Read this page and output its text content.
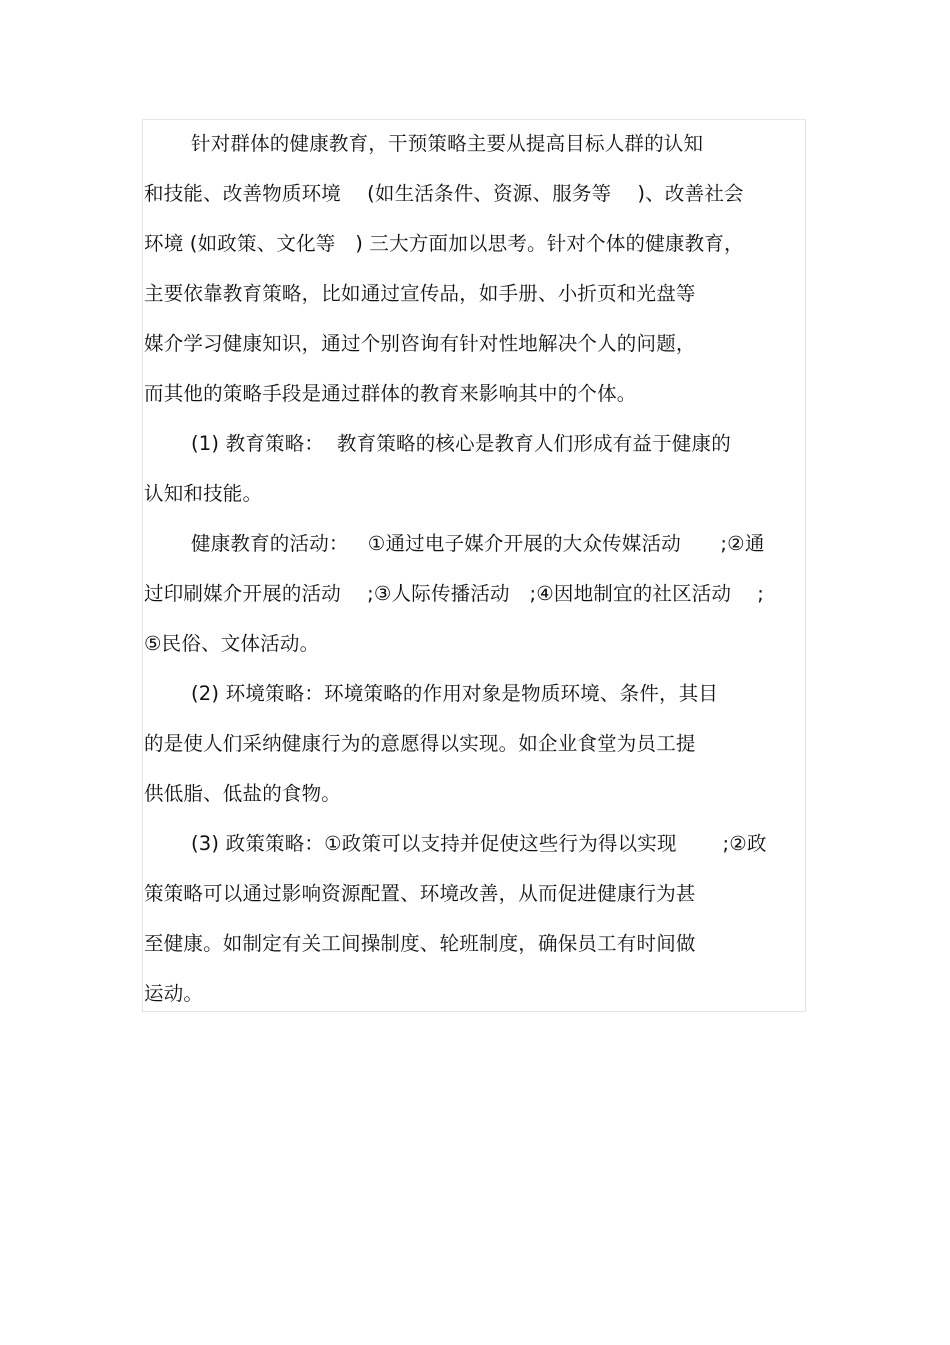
针对群体的健康教育，干预策略主要从提高目标人群的认知
和技能、改善物质环境　 (如生活条件、资源、服务等　 )、改善社会
环境 (如政策、文化等　) 三大方面加以思考。针对个体的健康教育，
主要依靠教育策略，比如通过宣传品，如手册、小折页和光盘等
媒介学习健康知识，通过个别咨询有针对性地解决个人的问题，
而其他的策略手段是通过群体的教育来影响其中的个体。
(1) 教育策略：  教育策略的核心是教育人们形成有益于健康的
认知和技能。
健康教育的活动：   ①通过电子媒介开展的大众传媒活动　　;②通
过印刷媒介开展的活动　 ;③人际传播活动　;④因地制宜的社区活动　 ;
⑤民俗、文体活动。
(2) 环境策略：环境策略的作用对象是物质环境、条件，其目
的是使人们采纳健康行为的意愿得以实现。如企业食堂为员工提
供低脂、低盐的食物。
(3) 政策策略：①政策可以支持并促使这些行为得以实现　　 ;②政
策策略可以通过影响资源配置、环境改善，从而促进健康行为甚
至健康。如制定有关工间操制度、轮班制度，确保员工有时间做
运动。
